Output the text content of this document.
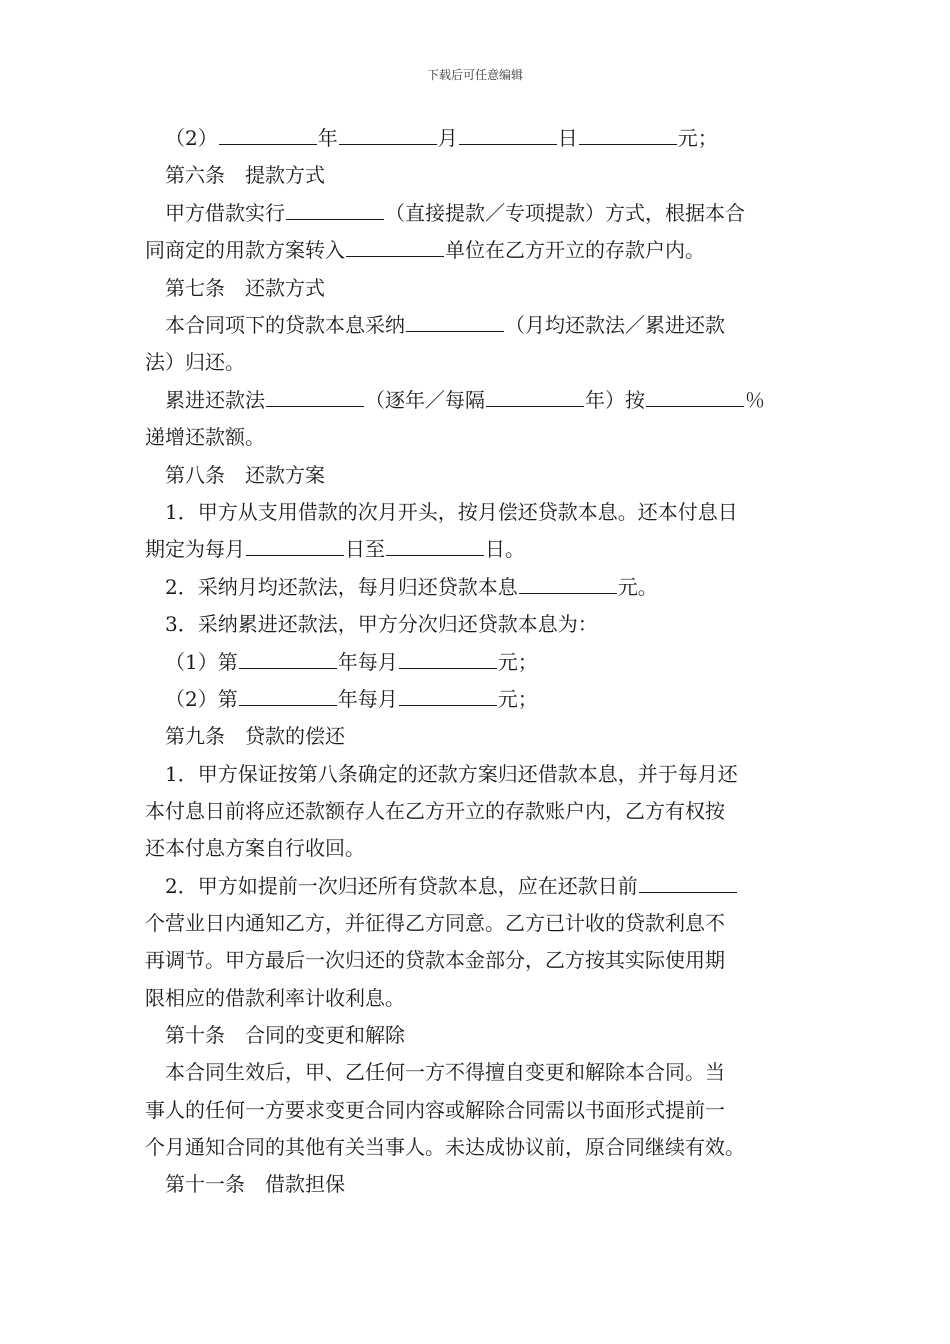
下载后可任意编辑
（2）	年	月	日	元；
第六条　提款方式
甲方借款实行	（直接提款／专项提款）方式，根据本合
同商定的用款方案转入	单位在乙方开立的存款户内。
第七条　还款方式
本合同项下的贷款本息采纳	（月均还款法／累进还款
法）归还。
累进还款法	（逐年／每隔	年）按	％
递增还款额。
第八条　还款方案
1．甲方从支用借款的次月开头，按月偿还贷款本息。还本付息日
期定为每月	日至	日。
2．采纳月均还款法，每月归还贷款本息	元。
3．采纳累进还款法，甲方分次归还贷款本息为：
（1）第	年每月	元；
（2）第	年每月	元；
第九条　贷款的偿还
1．甲方保证按第八条确定的还款方案归还借款本息，并于每月还
本付息日前将应还款额存人在乙方开立的存款账户内，乙方有权按
还本付息方案自行收回。
2．甲方如提前一次归还所有贷款本息，应在还款日前
个营业日内通知乙方，并征得乙方同意。乙方已计收的贷款利息不
再调节。甲方最后一次归还的贷款本金部分，乙方按其实际使用期
限相应的借款利率计收利息。
第十条　合同的变更和解除
本合同生效后，甲、乙任何一方不得擅自变更和解除本合同。当
事人的任何一方要求变更合同内容或解除合同需以书面形式提前一
个月通知合同的其他有关当事人。未达成协议前，原合同继续有效。
第十一条　借款担保
